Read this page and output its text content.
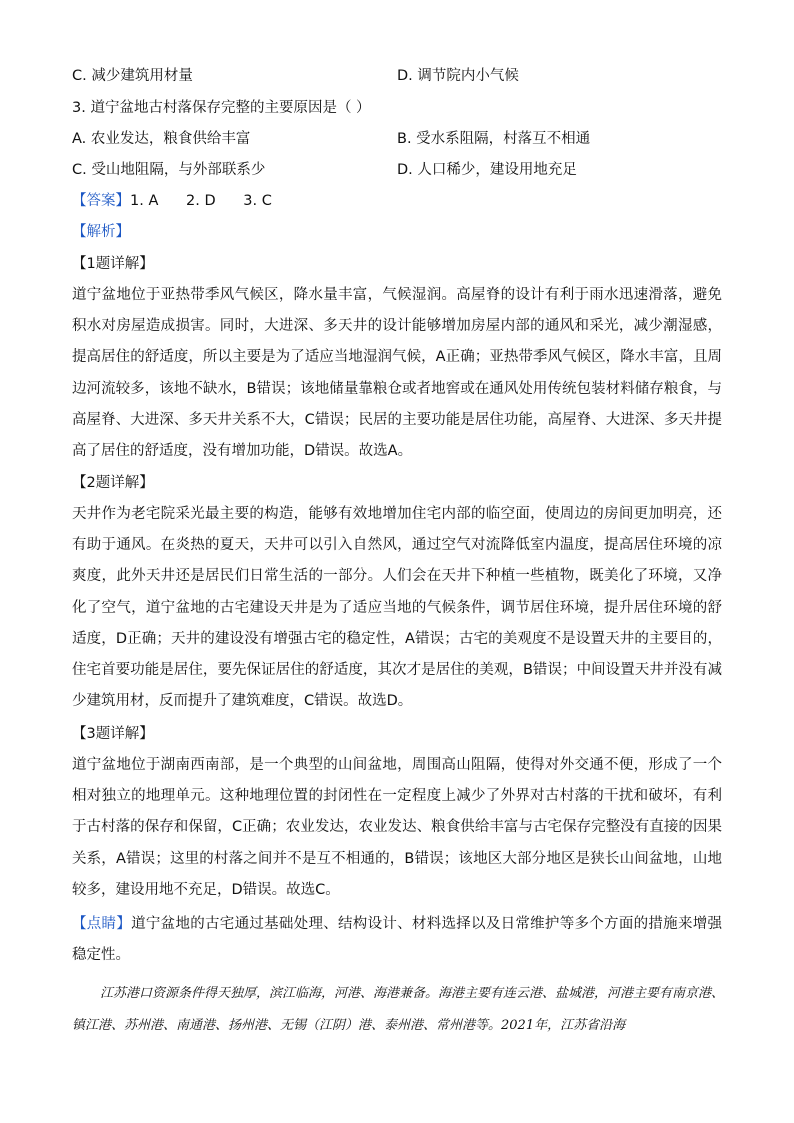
C. 减少建筑用材量	D. 调节院内小气候
3. 道宁盆地古村落保存完整的主要原因是（ ）
A. 农业发达，粮食供给丰富	B. 受水系阻隔，村落互不相通
C. 受山地阻隔，与外部联系少	D. 人口稀少，建设用地充足
【答案】1. A      2. D      3. C
【解析】
【1题详解】
道宁盆地位于亚热带季风气候区，降水量丰富，气候湿润。高屋脊的设计有利于雨水迅速滑落，避免积水对房屋造成损害。同时，大进深、多天井的设计能够增加房屋内部的通风和采光，减少潮湿感，提高居住的舒适度，所以主要是为了适应当地湿润气候，A正确；亚热带季风气候区，降水丰富，且周边河流较多，该地不缺水，B错误；该地储量靠粮仓或者地窖或在通风处用传统包装材料储存粮食，与高屋脊、大进深、多天井关系不大，C错误；民居的主要功能是居住功能，高屋脊、大进深、多天井提高了居住的舒适度，没有增加功能，D错误。故选A。
【2题详解】
天井作为老宅院采光最主要的构造，能够有效地增加住宅内部的临空面，使周边的房间更加明亮，还有助于通风。在炎热的夏天，天井可以引入自然风，通过空气对流降低室内温度，提高居住环境的凉爽度，此外天井还是居民们日常生活的一部分。人们会在天井下种植一些植物，既美化了环境，又净化了空气，道宁盆地的古宅建设天井是为了适应当地的气候条件，调节居住环境，提升居住环境的舒适度，D正确；天井的建设没有增强古宅的稳定性，A错误；古宅的美观度不是设置天井的主要目的，住宅首要功能是居住，要先保证居住的舒适度，其次才是居住的美观，B错误；中间设置天井并没有减少建筑用材，反而提升了建筑难度，C错误。故选D。
【3题详解】
道宁盆地位于湖南西南部，是一个典型的山间盆地，周围高山阻隔，使得对外交通不便，形成了一个相对独立的地理单元。这种地理位置的封闭性在一定程度上减少了外界对古村落的干扰和破坏，有利于古村落的保存和保留，C正确；农业发达，农业发达、粮食供给丰富与古宅保存完整没有直接的因果关系，A错误；这里的村落之间并不是互不相通的，B错误；该地区大部分地区是狭长山间盆地，山地较多，建设用地不充足，D错误。故选C。
【点睛】道宁盆地的古宅通过基础处理、结构设计、材料选择以及日常维护等多个方面的措施来增强稳定性。
江苏港口资源条件得天独厚，滨江临海，河港、海港兼备。海港主要有连云港、盐城港，河港主要有南京港、镇江港、苏州港、南通港、扬州港、无锡（江阴）港、泰州港、常州港等。2021年，江苏省沿海
